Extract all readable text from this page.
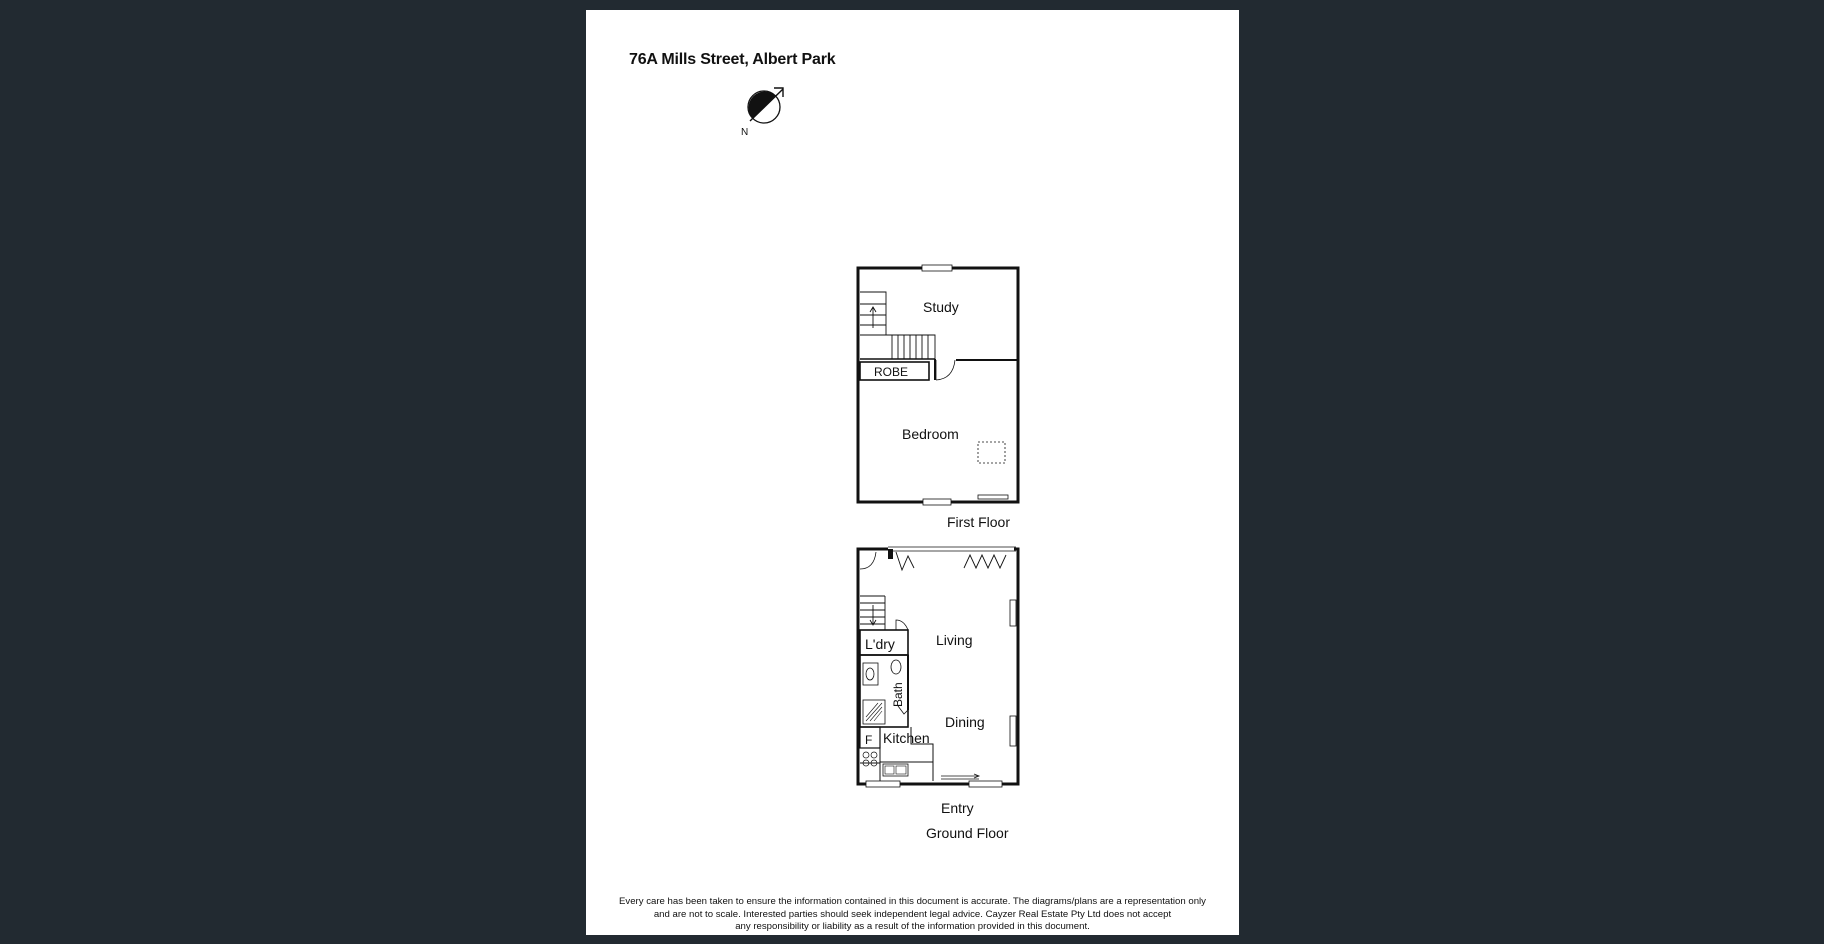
76A Mills Street, Albert Park
N
Study
ROBE
Bedroom
First Floor
L'dry	Living
Bath
Dining
F Kitchen
Entry
Ground Floor
Every care has been taken to ensure the information contained in this document is accurate. The diagrams/plans are a representation only
and are not to scale. Interested parties should seek independent legal advice. Cayzer Real Estate Pty Ltd does not accept
any responsibility or liability as a result of the information provided in this document.
